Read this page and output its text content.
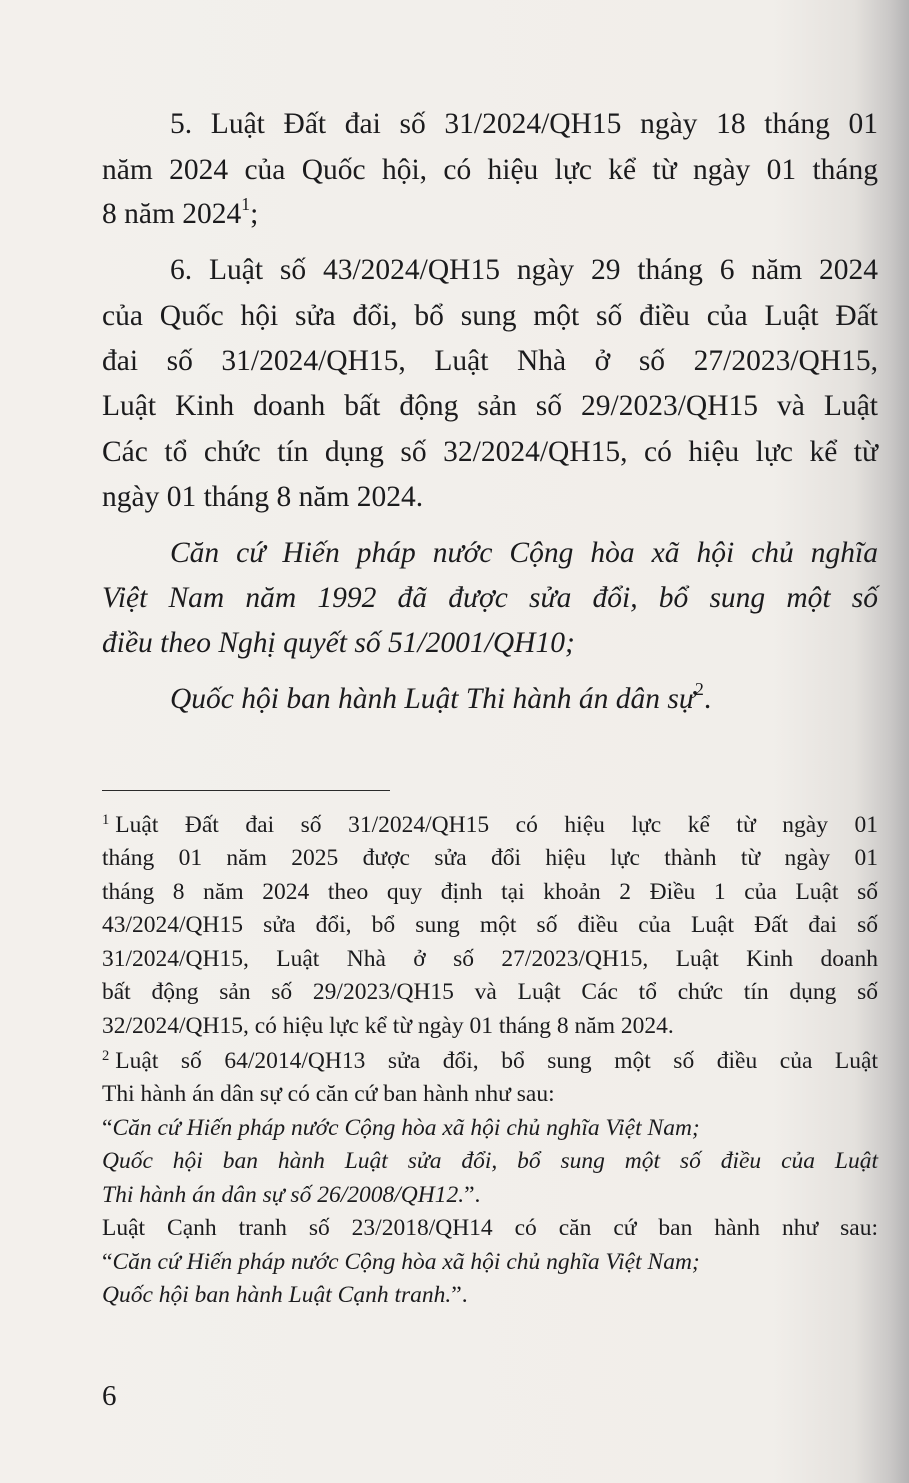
5. Luật Đất đai số 31/2024/QH15 ngày 18 tháng 01
năm 2024 của Quốc hội, có hiệu lực kể từ ngày 01 tháng
8 năm 2024$^1$;
6. Luật số 43/2024/QH15 ngày 29 tháng 6 năm 2024
của Quốc hội sửa đổi, bổ sung một số điều của Luật Đất
đai số 31/2024/QH15, Luật Nhà ở số 27/2023/QH15,
Luật Kinh doanh bất động sản số 29/2023/QH15 và Luật
Các tổ chức tín dụng số 32/2024/QH15, có hiệu lực kể từ
ngày 01 tháng 8 năm 2024.
Căn cứ Hiến pháp nước Cộng hòa xã hội chủ nghĩa
Việt Nam năm 1992 đã được sửa đổi, bổ sung một số
điều theo Nghị quyết số 51/2001/QH10;
Quốc hội ban hành Luật Thi hành án dân sự$^2$.
$^1$ Luật Đất đai số 31/2024/QH15 có hiệu lực kể từ ngày 01
tháng 01 năm 2025 được sửa đổi hiệu lực thành từ ngày 01
tháng 8 năm 2024 theo quy định tại khoản 2 Điều 1 của Luật số
43/2024/QH15 sửa đổi, bổ sung một số điều của Luật Đất đai số
31/2024/QH15, Luật Nhà ở số 27/2023/QH15, Luật Kinh doanh
bất động sản số 29/2023/QH15 và Luật Các tổ chức tín dụng số
32/2024/QH15, có hiệu lực kể từ ngày 01 tháng 8 năm 2024.
$^2$ Luật số 64/2014/QH13 sửa đổi, bổ sung một số điều của Luật
Thi hành án dân sự có căn cứ ban hành như sau:
“Căn cứ Hiến pháp nước Cộng hòa xã hội chủ nghĩa Việt Nam;
Quốc hội ban hành Luật sửa đổi, bổ sung một số điều của Luật
Thi hành án dân sự số 26/2008/QH12.”.
Luật Cạnh tranh số 23/2018/QH14 có căn cứ ban hành như sau:
“Căn cứ Hiến pháp nước Cộng hòa xã hội chủ nghĩa Việt Nam;
Quốc hội ban hành Luật Cạnh tranh.”.
6
